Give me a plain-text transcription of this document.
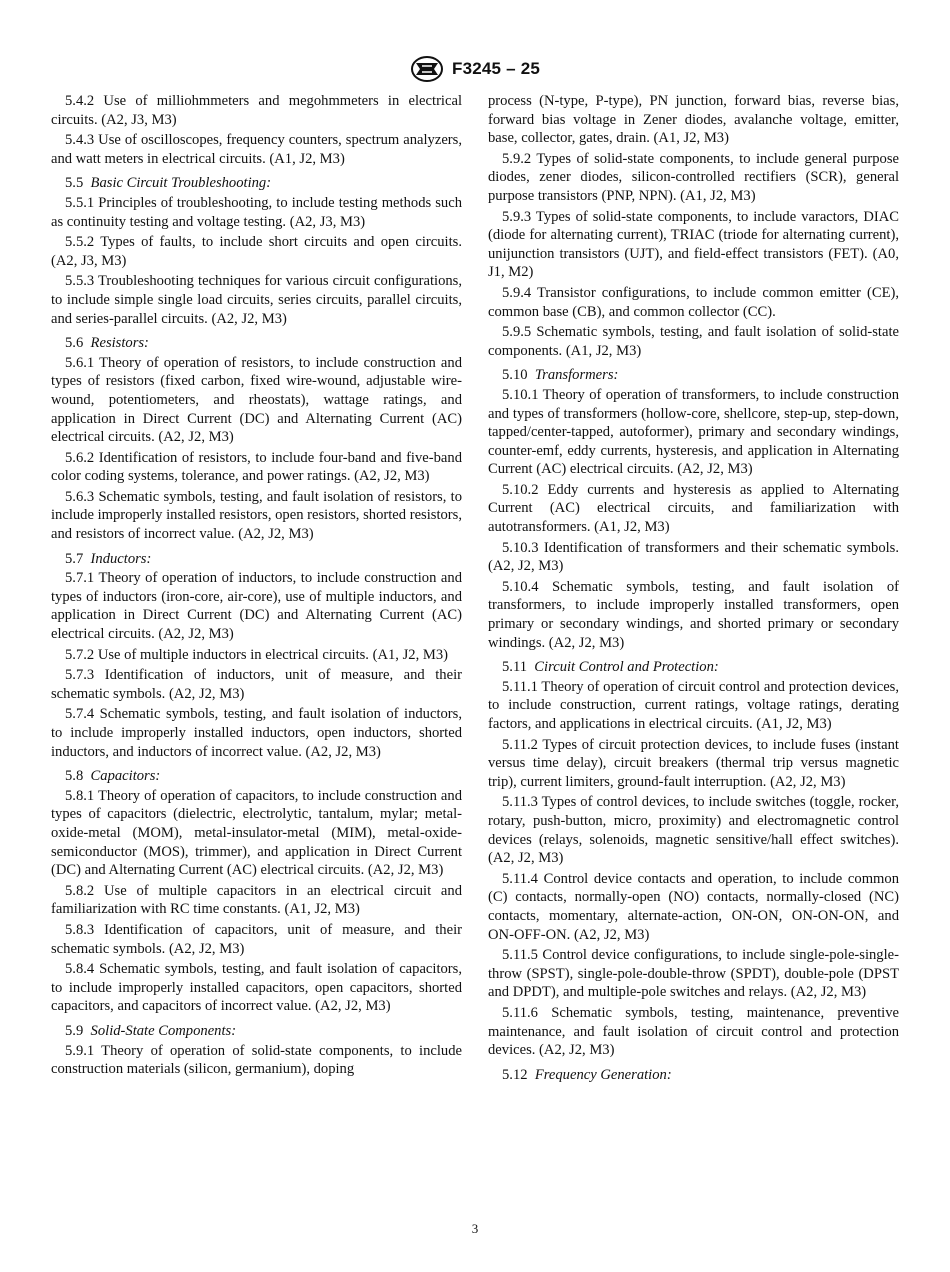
F3245 – 25

5.4.2 Use of milliohmmeters and megohmmeters in electrical circuits. (A2, J3, M3)

5.4.3 Use of oscilloscopes, frequency counters, spectrum analyzers, and watt meters in electrical circuits. (A1, J2, M3)

5.5 Basic Circuit Troubleshooting:

5.5.1 Principles of troubleshooting, to include testing methods such as continuity testing and voltage testing. (A2, J3, M3)

5.5.2 Types of faults, to include short circuits and open circuits. (A2, J3, M3)

5.5.3 Troubleshooting techniques for various circuit configurations, to include simple single load circuits, series circuits, parallel circuits, and series-parallel circuits. (A2, J2, M3)

5.6 Resistors:

5.6.1 Theory of operation of resistors, to include construction and types of resistors (fixed carbon, fixed wire-wound, adjustable wire-wound, potentiometers, and rheostats), wattage ratings, and application in Direct Current (DC) and Alternating Current (AC) electrical circuits. (A2, J2, M3)

5.6.2 Identification of resistors, to include four-band and five-band color coding systems, tolerance, and power ratings. (A2, J2, M3)

5.6.3 Schematic symbols, testing, and fault isolation of resistors, to include improperly installed resistors, open resistors, shorted resistors, and resistors of incorrect value. (A2, J2, M3)

5.7 Inductors:

5.7.1 Theory of operation of inductors, to include construction and types of inductors (iron-core, air-core), use of multiple inductors, and application in Direct Current (DC) and Alternating Current (AC) electrical circuits. (A2, J2, M3)

5.7.2 Use of multiple inductors in electrical circuits. (A1, J2, M3)

5.7.3 Identification of inductors, unit of measure, and their schematic symbols. (A2, J2, M3)

5.7.4 Schematic symbols, testing, and fault isolation of inductors, to include improperly installed inductors, open inductors, shorted inductors, and inductors of incorrect value. (A2, J2, M3)

5.8 Capacitors:

5.8.1 Theory of operation of capacitors, to include construction and types of capacitors (dielectric, electrolytic, tantalum, mylar; metal-oxide-metal (MOM), metal-insulator-metal (MIM), metal-oxide-semiconductor (MOS), trimmer), and application in Direct Current (DC) and Alternating Current (AC) electrical circuits. (A2, J2, M3)

5.8.2 Use of multiple capacitors in an electrical circuit and familiarization with RC time constants. (A1, J2, M3)

5.8.3 Identification of capacitors, unit of measure, and their schematic symbols. (A2, J2, M3)

5.8.4 Schematic symbols, testing, and fault isolation of capacitors, to include improperly installed capacitors, open capacitors, shorted capacitors, and capacitors of incorrect value. (A2, J2, M3)

5.9 Solid-State Components:

5.9.1 Theory of operation of solid-state components, to include construction materials (silicon, germanium), doping

process (N-type, P-type), PN junction, forward bias, reverse bias, forward bias voltage in Zener diodes, avalanche voltage, emitter, base, collector, gates, drain. (A1, J2, M3)

5.9.2 Types of solid-state components, to include general purpose diodes, zener diodes, silicon-controlled rectifiers (SCR), general purpose transistors (PNP, NPN). (A1, J2, M3)

5.9.3 Types of solid-state components, to include varactors, DIAC (diode for alternating current), TRIAC (triode for alternating current), unijunction transistors (UJT), and field-effect transistors (FET). (A0, J1, M2)

5.9.4 Transistor configurations, to include common emitter (CE), common base (CB), and common collector (CC).

5.9.5 Schematic symbols, testing, and fault isolation of solid-state components. (A1, J2, M3)

5.10 Transformers:

5.10.1 Theory of operation of transformers, to include construction and types of transformers (hollow-core, shellcore, step-up, step-down, tapped/center-tapped, autoformer), primary and secondary windings, counter-emf, eddy currents, hysteresis, and application in Alternating Current (AC) electrical circuits. (A2, J2, M3)

5.10.2 Eddy currents and hysteresis as applied to Alternating Current (AC) electrical circuits, and familiarization with autotransformers. (A1, J2, M3)

5.10.3 Identification of transformers and their schematic symbols. (A2, J2, M3)

5.10.4 Schematic symbols, testing, and fault isolation of transformers, to include improperly installed transformers, open primary or secondary windings, and shorted primary or secondary windings. (A2, J2, M3)

5.11 Circuit Control and Protection:

5.11.1 Theory of operation of circuit control and protection devices, to include construction, current ratings, voltage ratings, derating factors, and applications in electrical circuits. (A1, J2, M3)

5.11.2 Types of circuit protection devices, to include fuses (instant versus time delay), circuit breakers (thermal trip versus magnetic trip), current limiters, ground-fault interruption. (A2, J2, M3)

5.11.3 Types of control devices, to include switches (toggle, rocker, rotary, push-button, micro, proximity) and electromagnetic control devices (relays, solenoids, magnetic sensitive/hall effect switches). (A2, J2, M3)

5.11.4 Control device contacts and operation, to include common (C) contacts, normally-open (NO) contacts, normally-closed (NC) contacts, momentary, alternate-action, ON-ON, ON-ON-ON, and ON-OFF-ON. (A2, J2, M3)

5.11.5 Control device configurations, to include single-pole-single-throw (SPST), single-pole-double-throw (SPDT), double-pole (DPST and DPDT), and multiple-pole switches and relays. (A2, J2, M3)

5.11.6 Schematic symbols, testing, maintenance, preventive maintenance, and fault isolation of circuit control and protection devices. (A2, J2, M3)

5.12 Frequency Generation:

3
